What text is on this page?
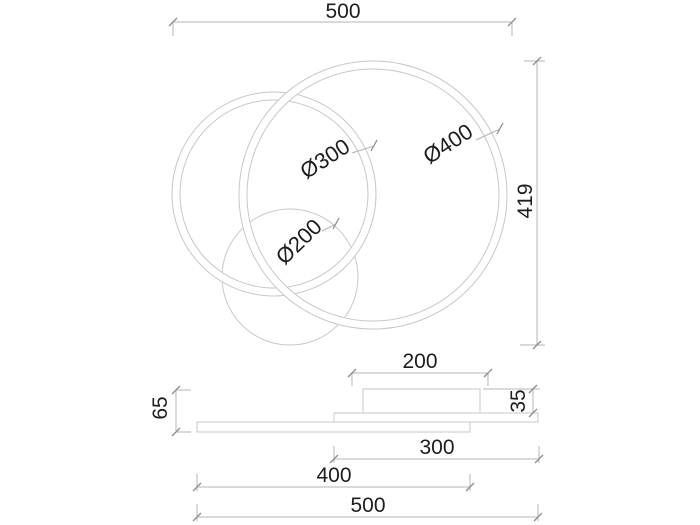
Ø300	Ø400
Ø200
500
419
200
35
65
300
400
500
